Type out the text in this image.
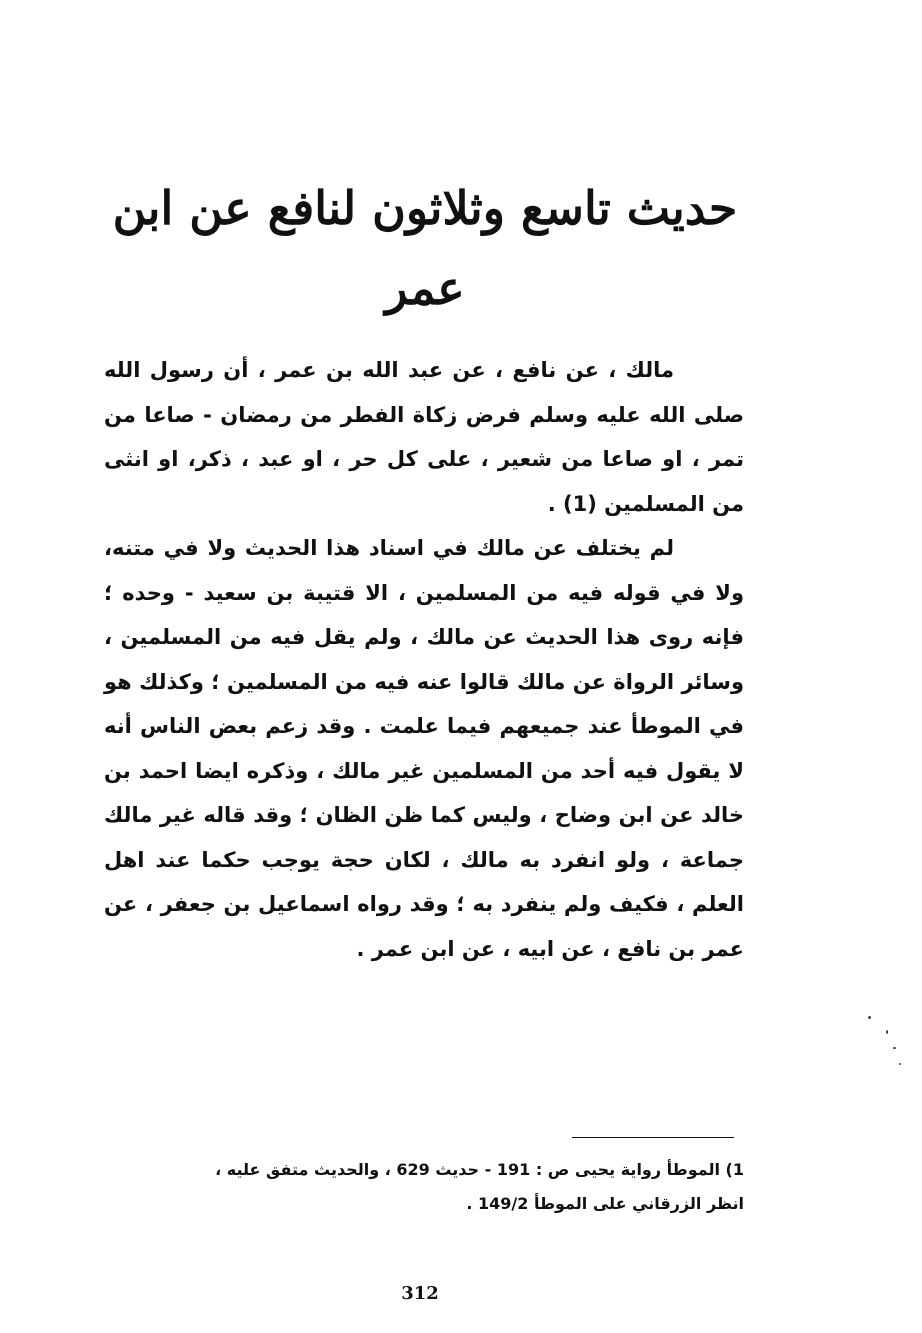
حديث تاسع وثلاثون لنافع عن ابن عمر

مالك ، عن نافع ، عن عبد الله بن عمر ، أن رسول الله صلى الله عليه وسلم فرض زكاة الفطر من رمضان - صاعا من تمر ، او صاعا من شعير ، على كل حر ، او عبد ، ذكر، او انثى من المسلمين (1) .

لم يختلف عن مالك في اسناد هذا الحديث ولا في متنه، ولا في قوله فيه من المسلمين ، الا قتيبة بن سعيد - وحده ؛ فإنه روى هذا الحديث عن مالك ، ولم يقل فيه من المسلمين ، وسائر الرواة عن مالك قالوا عنه فيه من المسلمين ؛ وكذلك هو في الموطأ عند جميعهم فيما علمت . وقد زعم بعض الناس أنه لا يقول فيه أحد من المسلمين غير مالك ، وذكره ايضا احمد بن خالد عن ابن وضاح ، وليس كما ظن الظان ؛ وقد قاله غير مالك جماعة ، ولو انفرد به مالك ، لكان حجة يوجب حكما عند اهل العلم ، فكيف ولم ينفرد به ؛ وقد رواه اسماعيل بن جعفر ، عن عمر بن نافع ، عن ابيه ، عن ابن عمر .

1) الموطأ رواية يحيى ص : 191 - حديث 629 ، والحديث متفق عليه ،

انظر الزرقاني على الموطأ 149/2 .

312
